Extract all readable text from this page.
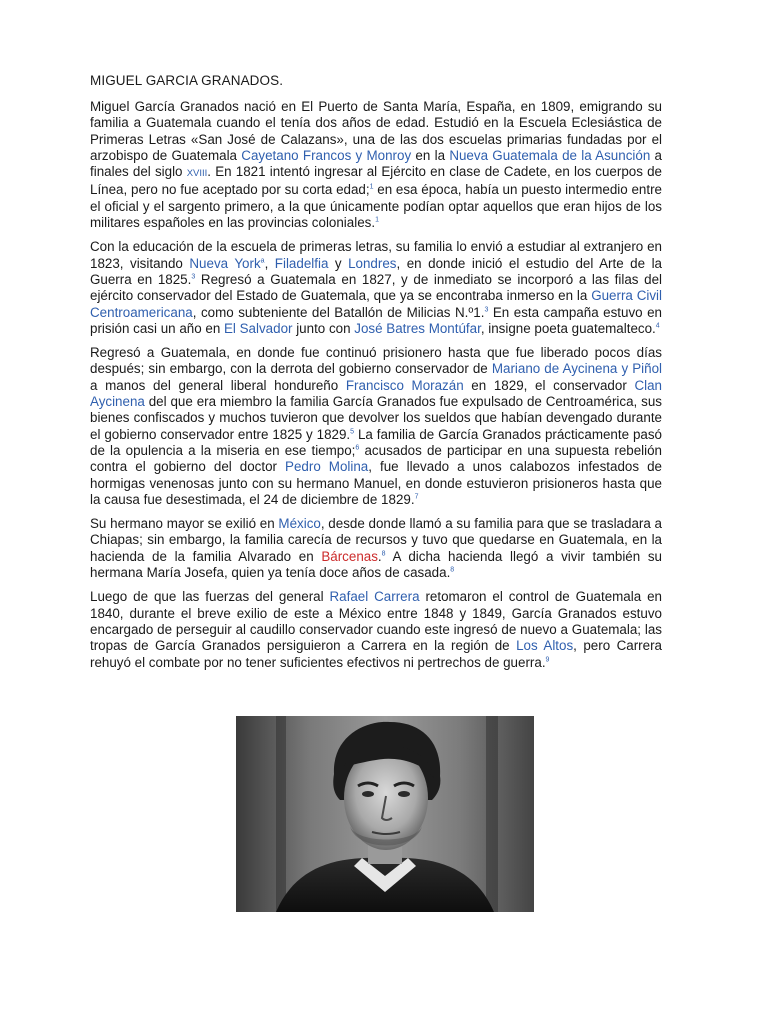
MIGUEL GARCIA GRANADOS.

Miguel García Granados nació en El Puerto de Santa María, España, en 1809, emigrando su familia a Guatemala cuando el tenía dos años de edad. Estudió en la Escuela Eclesiástica de Primeras Letras «San José de Calazans», una de las dos escuelas primarias fundadas por el arzobispo de Guatemala Cayetano Francos y Monroy en la Nueva Guatemala de la Asunción a finales del siglo XVIII. En 1821 intentó ingresar al Ejército en clase de Cadete, en los cuerpos de Línea, pero no fue aceptado por su corta edad;$^1$ en esa época, había un puesto intermedio entre el oficial y el sargento primero, a la que únicamente podían optar aquellos que eran hijos de los militares españoles en las provincias coloniales.$^1$

Con la educación de la escuela de primeras letras, su familia lo envió a estudiar al extranjero en 1823, visitando Nueva York$^a$, Filadelfia y Londres, en donde inició el estudio del Arte de la Guerra en 1825.$^3$ Regresó a Guatemala en 1827, y de inmediato se incorporó a las filas del ejército conservador del Estado de Guatemala, que ya se encontraba inmerso en la Guerra Civil Centroamericana, como subteniente del Batallón de Milicias N.º1.$^3$ En esta campaña estuvo en prisión casi un año en El Salvador junto con José Batres Montúfar, insigne poeta guatemalteco.$^4$

Regresó a Guatemala, en donde fue continuó prisionero hasta que fue liberado pocos días después; sin embargo, con la derrota del gobierno conservador de Mariano de Aycinena y Piñol a manos del general liberal hondureño Francisco Morazán en 1829, el conservador Clan Aycinena del que era miembro la familia García Granados fue expulsado de Centroamérica, sus bienes confiscados y muchos tuvieron que devolver los sueldos que habían devengado durante el gobierno conservador entre 1825 y 1829.$^5$ La familia de García Granados prácticamente pasó de la opulencia a la miseria en ese tiempo;$^6$ acusados de participar en una supuesta rebelión contra el gobierno del doctor Pedro Molina, fue llevado a unos calabozos infestados de hormigas venenosas junto con su hermano Manuel, en donde estuvieron prisioneros hasta que la causa fue desestimada, el 24 de diciembre de 1829.$^7$

Su hermano mayor se exilió en México, desde donde llamó a su familia para que se trasladara a Chiapas; sin embargo, la familia carecía de recursos y tuvo que quedarse en Guatemala, en la hacienda de la familia Alvarado en Bárcenas.$^8$ A dicha hacienda llegó a vivir también su hermana María Josefa, quien ya tenía doce años de casada.$^8$

Luego de que las fuerzas del general Rafael Carrera retomaron el control de Guatemala en 1840, durante el breve exilio de este a México entre 1848 y 1849, García Granados estuvo encargado de perseguir al caudillo conservador cuando este ingresó de nuevo a Guatemala; las tropas de García Granados persiguieron a Carrera en la región de Los Altos, pero Carrera rehuyó el combate por no tener suficientes efectivos ni pertrechos de guerra.$^9$
